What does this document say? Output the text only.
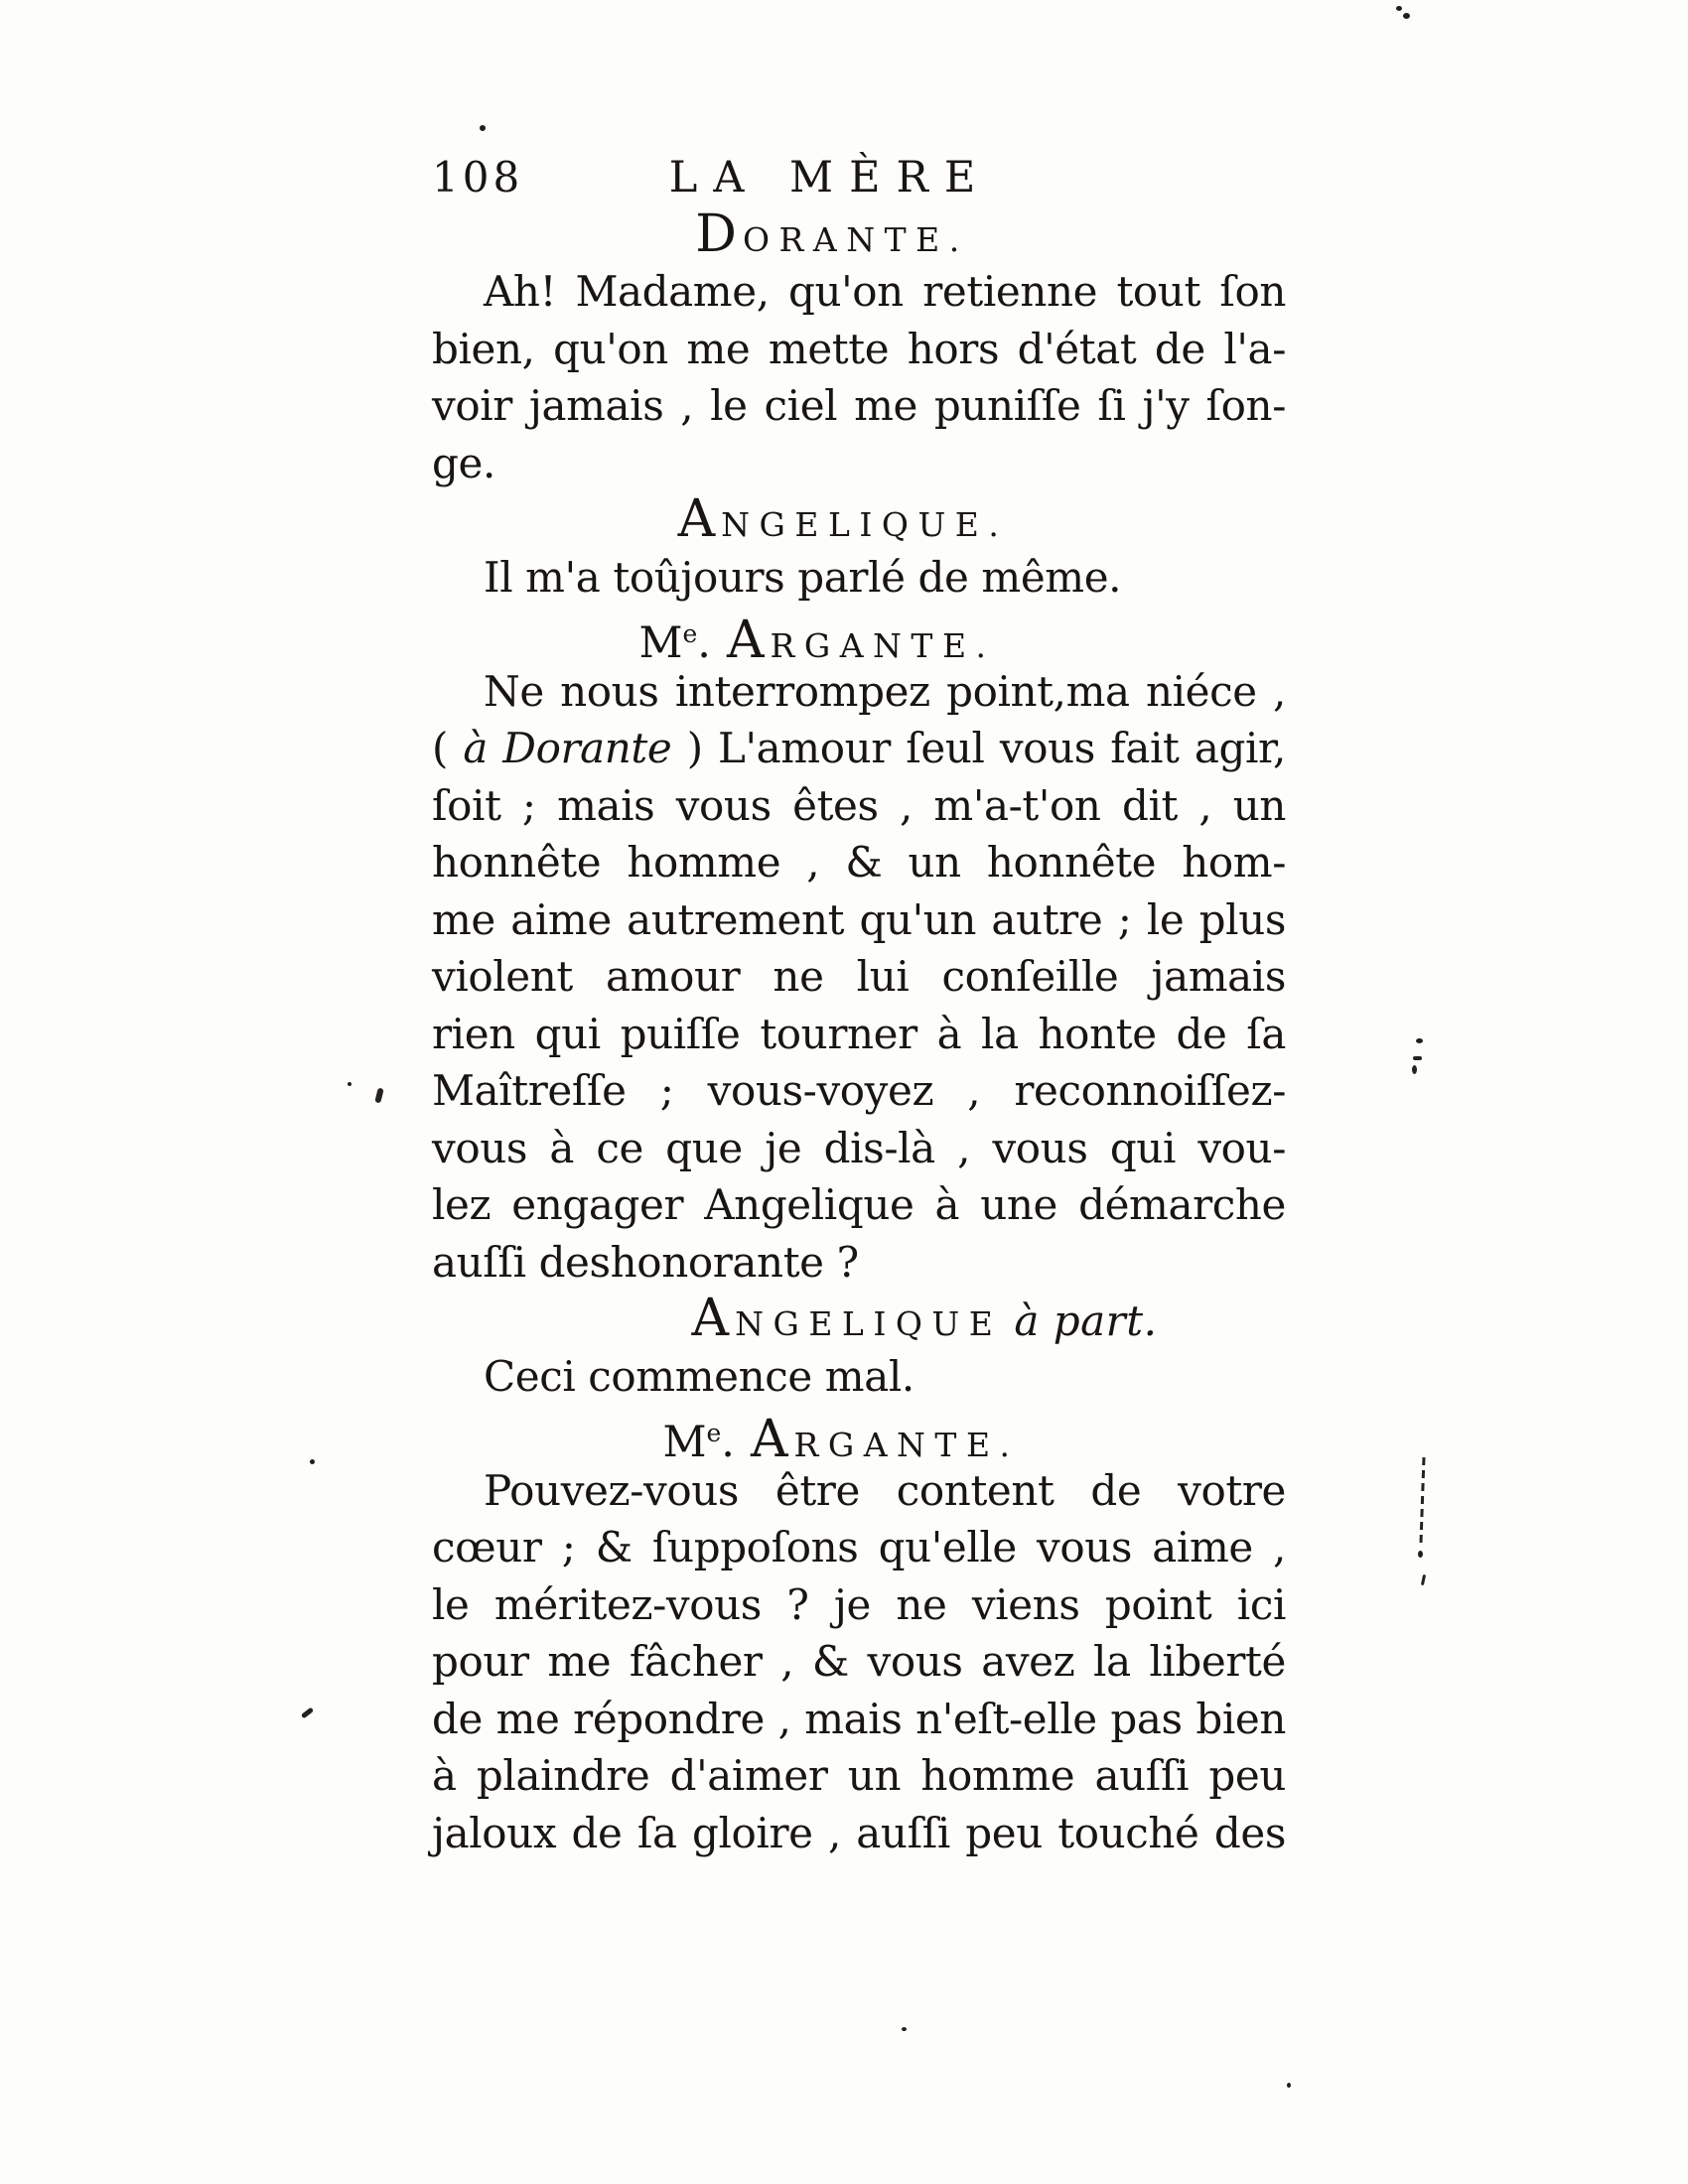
108	LA MÈRE
DORANTE.
Ah! Madame, qu'on retienne tout ſon
bien, qu'on me mette hors d'état de l'a-
voir jamais , le ciel me puniſſe ſi j'y ſon-
ge.
ANGELIQUE.
Il m'a toûjours parlé de même.
Me. ARGANTE.
Ne nous interrompez point,ma niéce ,
( à Dorante ) L'amour ſeul vous fait agir,
ſoit ; mais vous êtes , m'a-t'on dit , un
honnête homme , & un honnête hom-
me aime autrement qu'un autre ; le plus
violent amour ne lui conſeille jamais
rien qui puiſſe tourner à la honte de ſa
Maîtreſſe ; vous-voyez , reconnoiſſez-
vous à ce que je dis-là , vous qui vou-
lez engager Angelique à une démarche
auſſi deshonorante ?
ANGELIQUE à part.
Ceci commence mal.
Me. ARGANTE.
Pouvez-vous être content de votre
cœur ; & ſuppoſons qu'elle vous aime ,
le méritez-vous ? je ne viens point ici
pour me fâcher , & vous avez la liberté
de me répondre , mais n'eſt-elle pas bien
à plaindre d'aimer un homme auſſi peu
jaloux de ſa gloire , auſſi peu touché des
